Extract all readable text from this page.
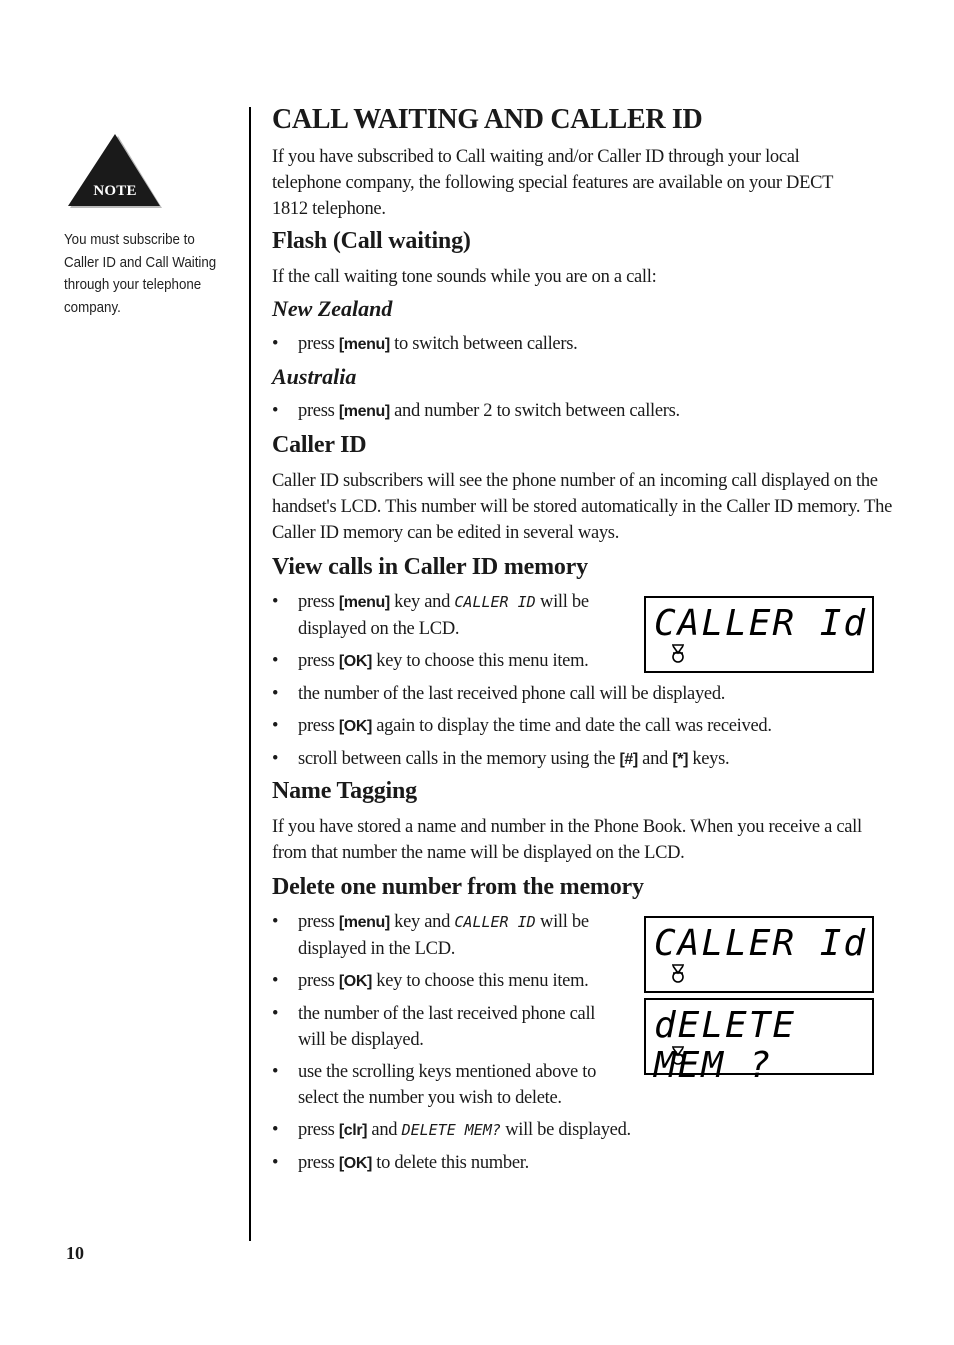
NOTE
You must subscribe to Caller ID and Call Waiting through your telephone company.
10
CALL WAITING AND CALLER ID

If you have subscribed to Call waiting and/or Caller ID through your local telephone company, the following special features are available on your DECT 1812 telephone.

Flash (Call waiting)

If the call waiting tone sounds while you are on a call:

New Zealand
• press [menu] to switch between callers.
Australia
• press [menu] and number 2 to switch between callers.
Caller ID

Caller ID subscribers will see the phone number of an incoming call displayed on the handset's LCD. This number will be stored automatically in the Caller ID memory. The Caller ID memory can be edited in several ways.

View calls in Caller ID memory
• press [menu] key and CALLER ID will be displayed on the LCD.
• press [OK] key to choose this menu item.
• the number of the last received phone call will be displayed.
• press [OK] again to display the time and date the call was received.
• scroll between calls in the memory using the [#] and [*] keys.
Name Tagging

If you have stored a name and number in the Phone Book. When you receive a call from that number the name will be displayed on the LCD.

Delete one number from the memory
• press [menu] key and CALLER ID will be displayed in the LCD.
• press [OK] key to choose this menu item.
• the number of the last received phone call will be displayed.
• use the scrolling keys mentioned above to select the number you wish to delete.
• press [clr] and DELETE MEM? will be displayed.
• press [OK] to delete this number.
CALLER Id
CALLER Id
dELETE MEM ?
